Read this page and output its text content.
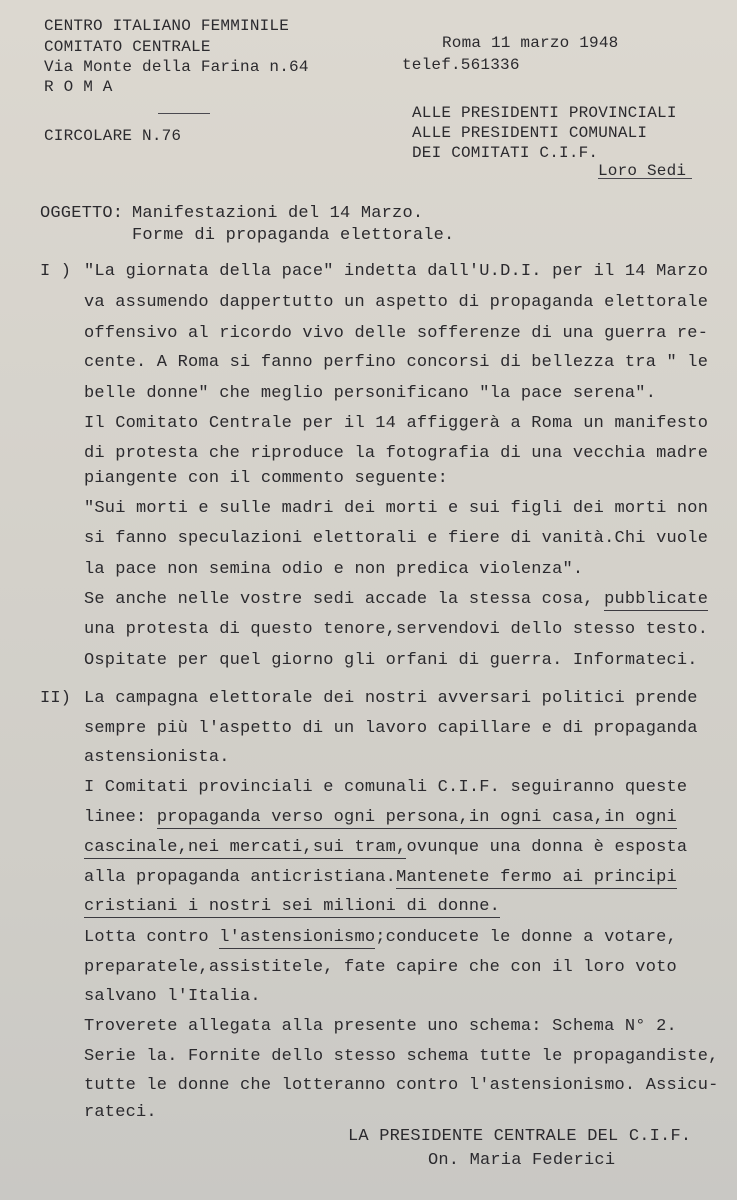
CENTRO ITALIANO FEMMINILE
COMITATO CENTRALE
Via Monte della Farina n.64
R O M A
Roma 11 marzo 1948
telef.561336
CIRCOLARE N.76
ALLE PRESIDENTI PROVINCIALI
ALLE PRESIDENTI COMUNALI
DEI COMITATI C.I.F.
Loro Sedi
OGGETTO: Manifestazioni del 14 Marzo.
Forme di propaganda elettorale.
I ) "La giornata della pace" indetta dall'U.D.I. per il 14 Marzo
va assumendo dappertutto un aspetto di propaganda elettorale
offensivo al ricordo vivo delle sofferenze di una guerra re-
cente. A Roma si fanno perfino concorsi di bellezza tra " le
belle donne" che meglio personificano "la pace serena".
Il Comitato Centrale per il 14 affiggerà a Roma un manifesto
di protesta che riproduce la fotografia di una vecchia madre
piangente con il commento seguente:
"Sui morti e sulle madri dei morti e sui figli dei morti non
si fanno speculazioni elettorali e fiere di vanità.Chi vuole
la pace non semina odio e non predica violenza".
Se anche nelle vostre sedi accade la stessa cosa, pubblicate
una protesta di questo tenore,servendovi dello stesso testo.
Ospitate per quel giorno gli orfani di guerra. Informateci.
II) La campagna elettorale dei nostri avversari politici prende
sempre più l'aspetto di un lavoro capillare e di propaganda
astensionista.
I Comitati provinciali e comunali C.I.F. seguiranno queste
linee: propaganda verso ogni persona,in ogni casa,in ogni
cascinale,nei mercati,sui tram,ovunque una donna è esposta
alla propaganda anticristiana.Mantenete fermo ai principi
cristiani i nostri sei milioni di donne.
Lotta contro l'astensionismo;conducete le donne a votare,
preparatele,assistitele, fate capire che con il loro voto
salvano l'Italia.
Troverete allegata alla presente uno schema: Schema N° 2.
Serie la. Fornite dello stesso schema tutte le propagandiste,
tutte le donne che lotteranno contro l'astensionismo. Assicu-
rateci.
LA PRESIDENTE CENTRALE DEL C.I.F.
On. Maria Federici
